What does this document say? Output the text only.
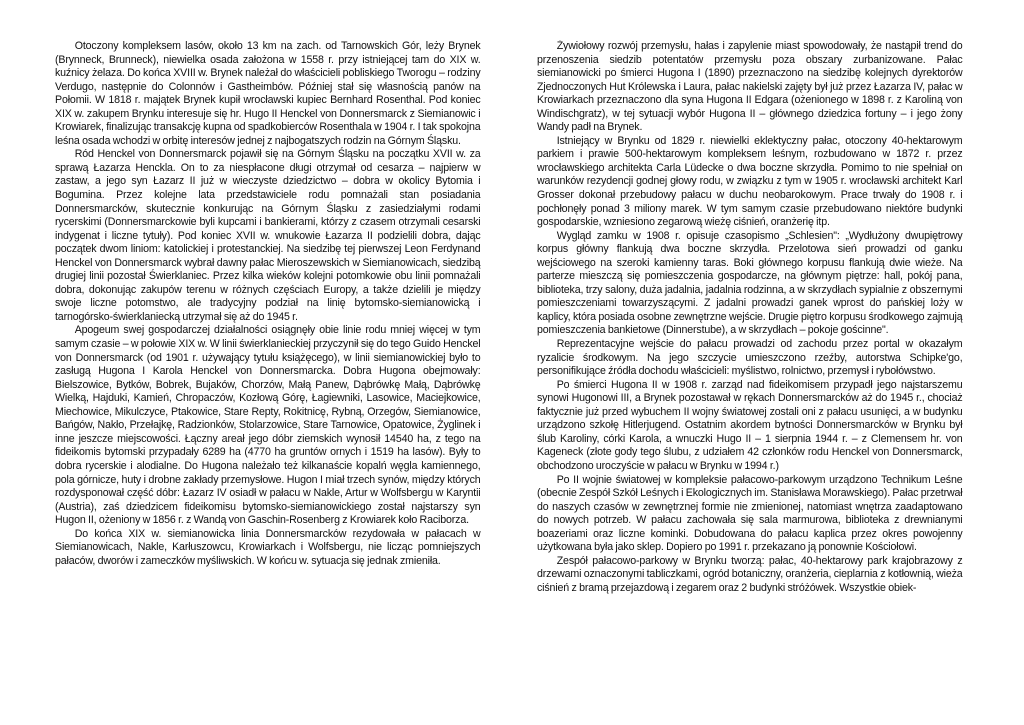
Otoczony kompleksem lasów, około 13 km na zach. od Tarnowskich Gór, leży Brynek (Brynneck, Brunneck), niewielka osada założona w 1558 r. przy istniejącej tam do XIX w. kuźnicy żelaza. Do końca XVIII w. Brynek należał do właścicieli pobliskiego Tworogu – rodziny Verdugo, następnie do Colonnów i Gastheimbów. Później stał się własnością panów na Połomii. W 1818 r. majątek Brynek kupił wrocławski kupiec Bernhard Rosenthal. Pod koniec XIX w. zakupem Brynku interesuje się hr. Hugo II Henckel von Donnersmarck z Siemianowic i Krowiarek, finalizując transakcję kupna od spadkobierców Rosenthala w 1904 r. I tak spokojna leśna osada wchodzi w orbitę interesów jednej z najbogatszych rodzin na Górnym Śląsku.

Ród Henckel von Donnersmarck pojawił się na Górnym Śląsku na początku XVII w. za sprawą Łazarza Henckla. On to za niespłacone długi otrzymał od cesarza – najpierw w zastaw, a jego syn Łazarz II już w wieczyste dziedzictwo – dobra w okolicy Bytomia i Bogumina. Przez kolejne lata przedstawiciele rodu pomnażali stan posiadania Donnersmarcków, skutecznie konkurując na Górnym Śląsku z zasiedziałymi rodami rycerskimi (Donnersmarckowie byli kupcami i bankierami, którzy z czasem otrzymali cesarski indygenat i liczne tytuły). Pod koniec XVII w. wnukowie Łazarza II podzielili dobra, dając początek dwom liniom: katolickiej i protestanckiej. Na siedzibę tej pierwszej Leon Ferdynand Henckel von Donnersmarck wybrał dawny pałac Mieroszewskich w Siemianowicach, siedzibą drugiej linii pozostał Świerklaniec. Przez kilka wieków kolejni potomkowie obu linii pomnażali dobra, dokonując zakupów terenu w różnych częściach Europy, a także dzielili je między swoje liczne potomstwo, ale tradycyjny podział na linię bytomsko-siemianowicką i tarnogórsko-świerklaniecką utrzymał się aż do 1945 r.

Apogeum swej gospodarczej działalności osiągnęły obie linie rodu mniej więcej w tym samym czasie – w połowie XIX w. W linii świerklanieckiej przyczynił się do tego Guido Henckel von Donnersmarck (od 1901 r. używający tytułu książęcego), w linii siemianowickiej było to zasługą Hugona I Karola Henckel von Donnersmarcka. Dobra Hugona obejmowały: Bielszowice, Bytków, Bobrek, Bujaków, Chorzów, Małą Panew, Dąbrówkę Małą, Dąbrówkę Wielką, Hajduki, Kamień, Chropaczów, Kozłową Górę, Łagiewniki, Lasowice, Maciejkowice, Miechowice, Mikulczyce, Ptakowice, Stare Repty, Rokitnicę, Rybną, Orzegów, Siemianowice, Bańgów, Nakło, Przełajkę, Radzionków, Stolarzowice, Stare Tarnowice, Opatowice, Żyglinek i inne jeszcze miejscowości. Łączny areał jego dóbr ziemskich wynosił 14540 ha, z tego na fideikomis bytomski przypadały 6289 ha (4770 ha gruntów ornych i 1519 ha lasów). Były to dobra rycerskie i alodialne. Do Hugona należało też kilkanaście kopalń węgla kamiennego, pola górnicze, huty i drobne zakłady przemysłowe. Hugon I miał trzech synów, między których rozdysponował część dóbr: Łazarz IV osiadł w pałacu w Nakle, Artur w Wolfsbergu w Karyntii (Austria), zaś dziedzicem fideikomisu bytomsko-siemianowickiego został najstarszy syn Hugon II, ożeniony w 1856 r. z Wandą von Gaschin-Rosenberg z Krowiarek koło Raciborza.

Do końca XIX w. siemianowicka linia Donnersmarcków rezydowała w pałacach w Siemianowicach, Nakle, Karłuszowcu, Krowiarkach i Wolfsbergu, nie licząc pomniejszych pałaców, dworów i zameczków myśliwskich. W końcu w. sytuacja się jednak zmieniła.

Żywiołowy rozwój przemysłu, hałas i zapylenie miast spowodowały, że nastąpił trend do przenoszenia siedzib potentatów przemysłu poza obszary zurbanizowane. Pałac siemianowicki po śmierci Hugona I (1890) przeznaczono na siedzibę kolejnych dyrektorów Zjednoczonych Hut Królewska i Laura, pałac nakielski zajęty był już przez Łazarza IV, pałac w Krowiarkach przeznaczono dla syna Hugona II Edgara (ożenionego w 1898 r. z Karoliną von Windischgratz), w tej sytuacji wybór Hugona II – głównego dziedzica fortuny – i jego żony Wandy padł na Brynek.

Istniejący w Brynku od 1829 r. niewielki eklektyczny pałac, otoczony 40-hektarowym parkiem i prawie 500-hektarowym kompleksem leśnym, rozbudowano w 1872 r. przez wrocławskiego architekta Carla Lüdecke o dwa boczne skrzydła. Pomimo to nie spełniał on warunków rezydencji godnej głowy rodu, w związku z tym w 1905 r. wrocławski architekt Karl Grosser dokonał przebudowy pałacu w duchu neobarokowym. Prace trwały do 1908 r. i pochłonęły ponad 3 miliony marek. W tym samym czasie przebudowano niektóre budynki gospodarskie, wzniesiono zegarową wieżę ciśnień, oranżerię itp.

Wygląd zamku w 1908 r. opisuje czasopismo „Schlesien": „Wydłużony dwupiętrowy korpus główny flankują dwa boczne skrzydła. Przelotowa sień prowadzi od ganku wejściowego na szeroki kamienny taras. Boki głównego korpusu flankują dwie wieże. Na parterze mieszczą się pomieszczenia gospodarcze, na głównym piętrze: hall, pokój pana, biblioteka, trzy salony, duża jadalnia, jadalnia rodzinna, a w skrzydłach sypialnie z obszernymi pomieszczeniami towarzyszącymi. Z jadalni prowadzi ganek wprost do pańskiej loży w kaplicy, która posiada osobne zewnętrzne wejście. Drugie piętro korpusu środkowego zajmują pomieszczenia bankietowe (Dinnerstube), a w skrzydłach – pokoje gościnne".

Reprezentacyjne wejście do pałacu prowadzi od zachodu przez portal w okazałym ryzalicie środkowym. Na jego szczycie umieszczono rzeźby, autorstwa Schipke'go, personifikujące źródła dochodu właścicieli: myślistwo, rolnictwo, przemysł i rybołówstwo.

Po śmierci Hugona II w 1908 r. zarząd nad fideikomisem przypadł jego najstarszemu synowi Hugonowi III, a Brynek pozostawał w rękach Donnersmarcków aż do 1945 r., chociaż faktycznie już przed wybuchem II wojny światowej zostali oni z pałacu usunięci, a w budynku urządzono szkołę Hitlerjugend. Ostatnim akordem bytności Donnersmarcków w Brynku był ślub Karoliny, córki Karola, a wnuczki Hugo II – 1 sierpnia 1944 r. – z Clemensem hr. von Kageneck (złote gody tego ślubu, z udziałem 42 członków rodu Henckel von Donnersmarck, obchodzono uroczyście w pałacu w Brynku w 1994 r.)

Po II wojnie światowej w kompleksie pałacowo-parkowym urządzono Technikum Leśne (obecnie Zespół Szkół Leśnych i Ekologicznych im. Stanisława Morawskiego). Pałac przetrwał do naszych czasów w zewnętrznej formie nie zmienionej, natomiast wnętrza zaadaptowano do nowych potrzeb. W pałacu zachowała się sala marmurowa, biblioteka z drewnianymi boazeriami oraz liczne kominki. Dobudowana do pałacu kaplica przez okres powojenny użytkowana była jako sklep. Dopiero po 1991 r. przekazano ją ponownie Kościołowi.

Zespół pałacowo-parkowy w Brynku tworzą: pałac, 40-hektarowy park krajobrazowy z drzewami oznaczonymi tabliczkami, ogród botaniczny, oranżeria, cieplarnia z kotłownią, wieża ciśnień z bramą przejazdową i zegarem oraz 2 budynki stróżówek. Wszystkie obiek-
